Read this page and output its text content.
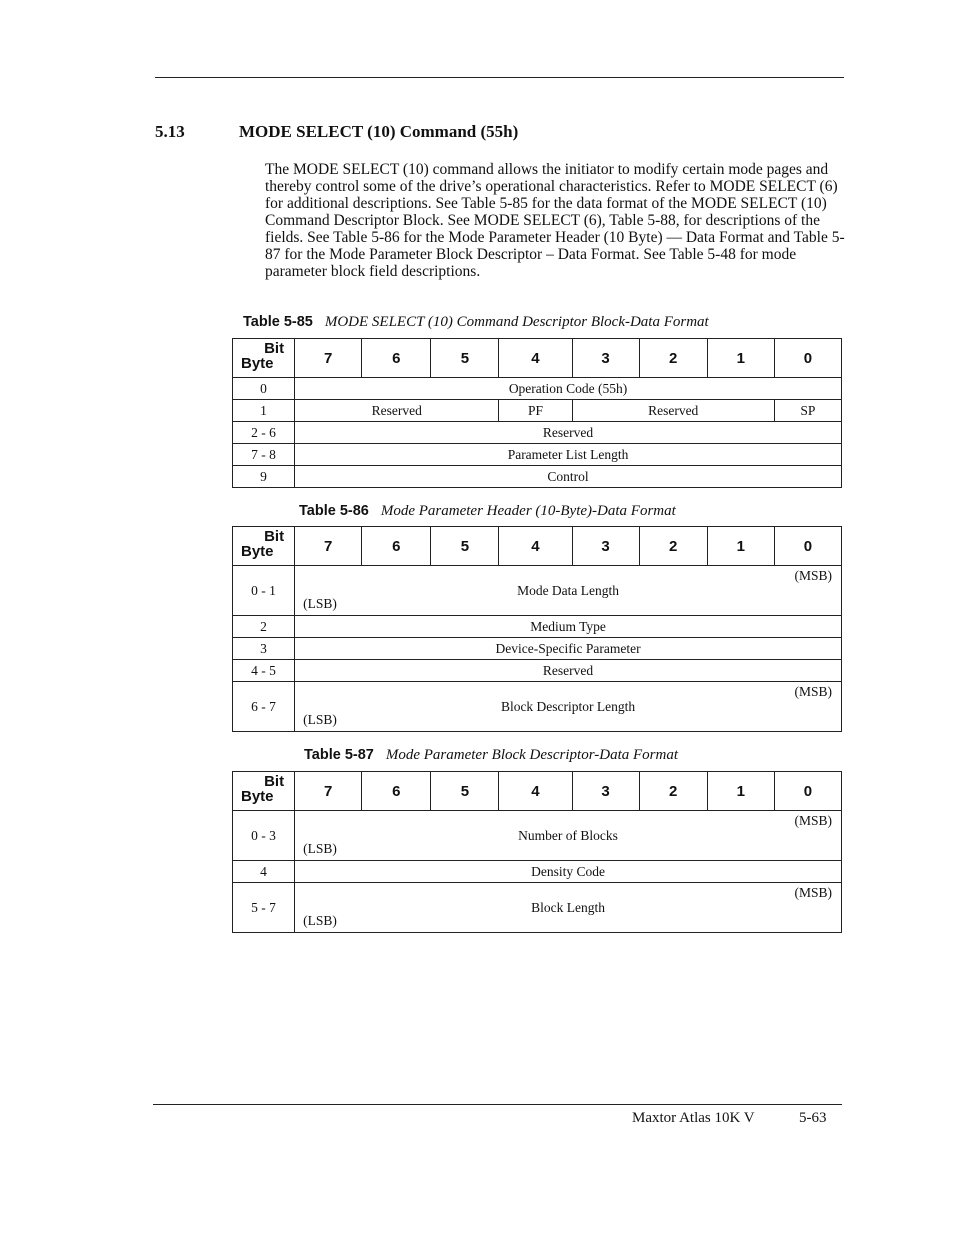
5.13	MODE SELECT (10) Command (55h)

The MODE SELECT (10) command allows the initiator to modify certain mode pages and thereby control some of the drive’s operational characteristics. Refer to MODE SELECT (6) for additional descriptions. See Table 5-85 for the data format of the MODE SELECT (10) Command Descriptor Block. See MODE SELECT (6), Table 5-88, for descriptions of the fields. See Table 5-86 for the Mode Parameter Header (10 Byte) — Data Format and Table 5-87 for the Mode Parameter Block Descriptor – Data Format. See Table 5-48 for mode parameter block field descriptions.

Table 5-85 MODE SELECT (10) Command Descriptor Block-Data Format
Bit
Byte	7	6	5	4	3	2	1	0
0	Operation Code (55h)							
1	Reserved			PF	Reserved			SP
2 - 6	Reserved							
7 - 8	Parameter List Length							
9	Control							
Table 5-86 Mode Parameter Header (10-Byte)-Data Format
Bit
Byte	7	6	5	4	3	2	1	0
0 - 1	(MSB)
Mode Data Length
(LSB)							

2	Medium Type							
3	Device-Specific Parameter							
4 - 5	Reserved							
6 - 7	(MSB)
Block Descriptor Length
(LSB)							
Table 5-87 Mode Parameter Block Descriptor-Data Format
Bit
Byte	7	6	5	4	3	2	1	0
0 - 3	(MSB)
Number of Blocks
(LSB)							

4	Density Code							
5 - 7	(MSB)
Block Length
(LSB)							
Maxtor Atlas 10K V	5-63
